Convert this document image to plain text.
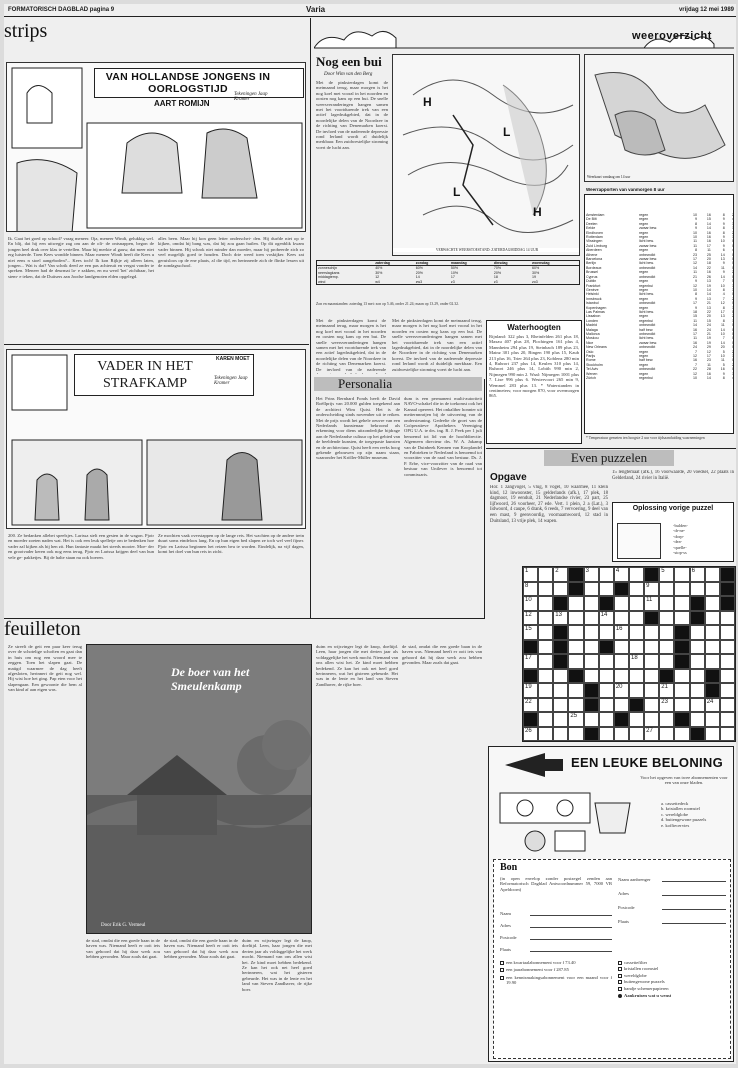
FORMATORISCH DAGBLAD pagina 9	Varia	vrijdag 12 mei 1989
strips
VAN HOLLANDSE JONGENS IN OORLOGSTIJD
AART ROMIJN
Tekeningen Jaap Kramer
Ik. Gaat het goed op school? vraag meneer. Oja, meneer Windt, gelukkig wel. En blij, dat hij een uitwegje zag om aan de oli- de ontsnappen, begon de jongen heel druk over klas te vertellen. Maar hij merkte al gauw, dat meer niet erg luisterde. Toen Kees wondde binnen. Maar meneer Windt heeft die Kees u niet eens n stoel aangeboden?... Kees toch! Ik kon Rijkje zij alleen laten, jongen... Wat is dat? Van schrik deed ze een pas achteruit en vergat vonder te spreken. Meneer had de deurmat la- e zakken, en nu werd 'het' zichtbaar, het stem- e teken, dat de Duitsers aan Joodse landgenoten elden opgelegd.
alles been. Maar hij kon geen letter onderschei- den. Hij durfde niet op te kijken, omdat hij bang was, dat hij zou gaan huilen. Op dit ogenblik kwam vader binnen. Hij schrok niet minder dan moeder, maar hij probeerde zich zo veel mogelijk goed te houden. Doch drie weed toen voskijker. Kees zat geruisloos op de ene plaats, al die tijd, en herinnerde zich de flinke lessen uit de zondagsschool.
VADER IN HET STRAFKAMP
KAREN MOET
Tekeningen Jaap Kramer
200. Ze bedanken allebei speelsjes. Larissa stelt een gesten in de wagon. Pjotr en moeder zoeten naden wat. Het is ook een leuk spelletje om te bedenken hoe vader zal kijken als hij hen zit. Hun fantasie maakt het steeds mooier. Moe- der en grootvader keren ook nog eens terug. Pjotr en Larissa krijgen deel van hun vele ge- pakketjes. Bij de halte staan nu ook boeren.
Ze mochten vaak overstappen op de lange reis. Het wachten op de andere trein duurt soms eindeloos lang. En op hun eigen bed slapen ze toch wel veel fijner. Pjotr en Larissa beginnen het reizen beu te worden. Eindelijk, na vijf dagen, komt het doel van hun reis in zicht.
weeroverzicht
Nog een bui
Door Wim van den Berg
Met de pinksterdagen komt de meimaand terug, maar morgen is het nog koel met vooral in het noorden en oosten nog kans op een bui. De snelle weersveranderingen hangen samen met het voortdurende trek van een actief lagedrukgebied, dat in de noordelijke delen van de Noordzee in de richting van Denemarken koerst. De invloed van de naderende depressie rond Ierland wordt al duidelijk merkbaar. Een zuidwestelijke stroming voert de lucht aan.
H
L
L
H
VERWACHTE WEERSTOESTAND: ZATERDAGMIDDAG 14 UUR
Weerkaart vandaag om 14 uur
Weerrapporten van vanmorgen 8 uur
Amsterdam	regen	10	16	8	2
De Bilt	regen	9	15	9	4
Deelen	regen	8	14	9	3
Eelde	zwaar bew.	9	14	8	1
Eindhoven	regen	10	16	8	2
Rotterdam	regen	10	16	9	3
Vlissingen	licht bew.	11	16	10	0
Zuid Limburg	zwaar bew.	11	17	9	0
Aberdeen	regen	8	11	6	4
Athene	onbewolkt	23	25	14	0
Barcelona	zwaar bew.	17	20	13	0
Berlijn	licht bew.	12	18	9	0
Bordeaux	onbewolkt	14	22	11	0
Brussel	regen	11	16	9	2
Cyprus	onbewolkt	21	26	14	0
Dublin	regen	9	13	7	5
Frankfurt	regenbui	12	19	10	3
Genève	regen	10	14	8	3
Helsinki	licht bew.	8	14	4	0
Innsbruck	regen	9	13	7	2
Istanbul	onbewolkt	17	21	12	0
Kopenhagen	regen	9	13	8	3
Las Palmas	licht bew.	18	22	17	0
Lissabon	regen	15	20	13	2
Londen	regenbui	11	15	8	1
Madrid	onbewolkt	14	24	11	0
Malaga	half bew.	16	24	14	0
Mallorca	onbewolkt	17	21	10	0
Moskou	licht bew.	11	19	7	0
Nice	zwaar bew.	16	19	14	0
New Orleans	onbewolkt	24	29	20	0
Oslo	regen	7	12	5	2
Parijs	regen	12	17	10	3
Rome	half bew.	16	23	11	0
Stockholm	regen	7	11	5	2
Tel Aviv	onbewolkt	22	28	16	0
Wenen	regen	12	16	9	3
Zürich	regenbui	10	14	8	4
* Temperatuur gemeten ten hoogste 2 uur voor tijdsaanduiding waarnemingen
	zaterdag	zondag	maandag	dinsdag	woensdag
zonneschijn	40%	60%	50%	70%	60%
neerslagkans	30%	20%	10%	20%	30%
middagtemp.	12	14	17	18	19
wind	w4	zw3	z3	z3	zo3
Zon en maanstanden: zaterdag 13 mei: zon op 5.46, onder 21.24; maan op 13.29, onder 02.32.
Met de pinksterdagen komt de meimaand terug, maar morgen is het nog koel met vooral in het noorden en oosten nog kans op een bui. De snelle weersveranderingen hangen samen met het voortdurende trek van een actief lagedrukgebied, dat in de noordelijke delen van de Noordzee in de richting van Denemarken koerst. De invloed van de naderende
Met de pinksterdagen komt de meimaand terug, maar morgen is het nog koel met vooral in het noorden en oosten nog kans op een bui. De snelle weersveranderingen hangen samen met het voortdurende trek van een actief lagedrukgebied, dat in de noordelijke delen van de Noordzee in de richting van Denemarken koerst. De invloed van de naderende depressie rond Ierland wordt al duidelijk merkbaar. Een zuidwestelijke stroming voert de lucht aan.
Waterhoogten
Rijnland: 322 plus 3, Rheinfelden 261 plus 18, Maxau 407 plus 28, Plochingen 161 plus 4, Mannheim 294 plus 19, Steinbach 189 plus 23, Mainz 301 plus 20, Bingen 190 plus 15, Kaub 213 plus 16, Trier 264 plus 23, Koblenz 280 min 4, Ruhrort 237 plus 14, Keulen 310 plus 14, Ruhrort 246 plus 14, Lobith 990 min 2, Nijmegen 990 min 2. Waal: Nijmegen 1001 plus 7. Lixe 996 plus 6. Westervoort 265 min 9, Wemmel 283 plus 13. * Waterstanden in centimeters; voor morgen 870, voor overmorgen 865.
Personalia
Het Prins Bernhard Fonds heeft de David Roëllprijs van 20.000 gulden toegekend aan de architect Wim Quist. Het is de onderscheiding sinds november uit te reiken. Met de prijs wordt het gehele oeuvre van een Nederlands kunstenaar bekroond als erkenning voor diens uitzonderlijke bijdrage aan de Nederlandse cultuur op het gebied van de beeldende kunsten, de toegepaste kunsten en de architectuur. Quist heeft een reeks hoog gekende gebouwen op zijn naam staan, waaronder het Kröller-Müller museum.
dum is een permanent multi-autoriteit NAVO-schakel die in de toekomst ook het Kanaal opereert. Het onkaliber honnier uit meiternnnrijen bij de uitvoering van de ondersteuning. Gedeelte de groei van de Coöperatieve Apothekers Vereniging OPG U.A. te drs. ing. R. J. Peek per 1 juli benoemd tot lid van de hoofddirectie. Algemeen directeur drs. W. A. Jakamp van de Duinbeek Kennen van Kooplandel en Fabrieken te Nederland is benoemd tot voorzitter van de raad van bestuur. Ds. J. P. Erbe, vice-voorzitter van de raad van bestuur van Unilever is benoemd tot commissaris.
Even puzzelen
Opgave
Hor. 1 zangvogel, 5 vlug, 8 vogel, 10 waarmee, 11 klein kind, 12 inwoonster, 15 gelderlands (afk.), 17 plek, 18 dagmoot, 19 eenduit, 21 Nederlandse rivier, 23 part, 25 lijfwoord, 26 voorheer, 27 ede. Vert. 1 plein, 2 a (Lat.), 3 lidwoord, 4 caupe, 6 drank, 6 reeds, 7 vervoering, 9 deel van een mast, 9 geenvoordig, voornaamwoord, 12 stad in Duitsland, 13 vrije plek, 14 wapen.
15 lengtemaat (afk.), 16 voorwaarde, 20 voedsel, 22 plaats in Gelderland, 24 rivier in Italië.
Oplossing vorige puzzel
-bulden-
-dr-ne-
-dorp-
-dea-
-quelle-
-stop-ss
1	2	3	4	5	6
8	9
10	11
12	13	14
15	16
17	18
19	20	21
22	23	24
25
26	27
feuilleton
Ze streelt de geit een paar keer terug over de schotelige schoften en gaat dan in huis om nog een woord mee te zeggen. Toen het slapen gaat. De matigd waarmee de dag heeft afgesloten, herinnert de geit nog wel. Hij wist hoe het ging. Pap eten voor het slapengaan. Een gewoonte die hem al van kind af aan eigen was.
De boer van het Smeulenkamp
Door Erik G. Vermeul
de stad, omdat die een goede baan in de haven was. Niemand heeft er ooit iets van gehoord dat hij daar werk zou hebben gevonden. Maar zoals dat gaat.
de stad, omdat die een goede baan in de haven was. Niemand heeft er ooit iets van gehoord dat hij daar werk zou hebben gevonden. Maar zoals dat gaat.
duim en wijsvinger legt de knop, doeltijd. Leen, haar jongen die met derten jaar als voldaggelijke het werk mocht. Niemand van ons allen wist het. Ze kind moet hebben bedekend. Ze kan het ook net heel goed herinneren, wat het gisteren gebeurde. Het was in de lente en het land van Steven Zandhaver, de rijke boer.
duim en wijsvinger legt de knop, doeltijd. Leen, haar jongen die met derten jaar als voldaggelijke het werk mocht. Niemand van ons allen wist het. Ze kind moet hebben bedekend. Ze kan het ook net heel goed herinneren, wat het gisteren gebeurde. Het was in de lente en het land van Steven Zandhaver, de rijke boer.
de stad, omdat die een goede baan in de haven was. Niemand heeft er ooit iets van gehoord dat hij daar werk zou hebben gevonden. Maar zoals dat gaat.
EEN LEUKE BELONING
Voor het opgeven van twee abonnementen voor een van onze bladen.
a. cassettedeck
b. kristallen roomstel
c. wereldglobe
d. buitengewone puzzels
e. koffiecervies
Bon
(in open envelop zonder postzegel zenden aan Reformatorisch Dagblad Antwoordnummer 59, 7000 VB Apeldoorn)
Naam
Adres
Postcode
Plaats
een kwartaalabonnement voor f 73.40
een jaarabonnement voor f 287.85
een kennismakingsabonnement voor een maand voor f 19.90
Naam aanbrenger
Adres
Postcode
Plaats
cassettefilter
kristallen roomstel
wereldglobe
buitengewone puzzels
bandje schemerpapieren
Aankruisen wat u wenst
